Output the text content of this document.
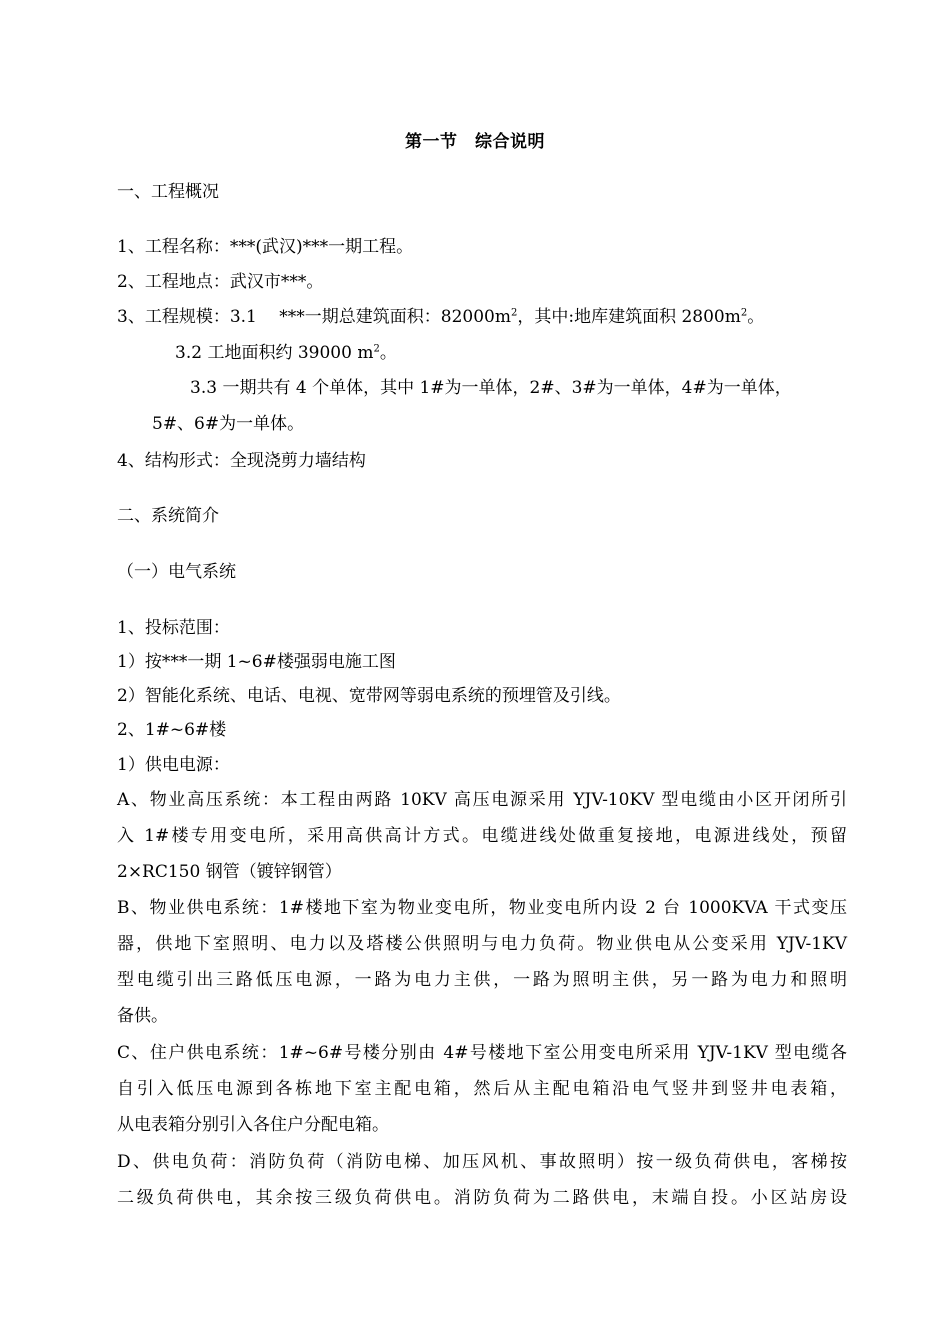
第一节　综合说明
一、工程概况
1、工程名称：***(武汉)***一期工程。
2、工程地点：武汉市***。
3、工程规模：3.1　 ***一期总建筑面积：$82000m^2$，其中:地库建筑面积 $2800m^2$。
3.2 工地面积约 39000 $m^2$。
3.3 一期共有 4 个单体，其中 1#为一单体，2#、3#为一单体，4#为一单体，
5#、6#为一单体。
4、结构形式：全现浇剪力墙结构
二、系统简介
（一）电气系统
1、投标范围：
1）按***一期 1~6#楼强弱电施工图
2）智能化系统、电话、电视、宽带网等弱电系统的预埋管及引线。
2、1#~6#楼
1）供电电源：
A、物业高压系统：本工程由两路 10KV 高压电源采用 YJV-10KV 型电缆由小区开闭所引
入 1#楼专用变电所，采用高供高计方式。电缆进线处做重复接地，电源进线处，预留
2×RC150 钢管（镀锌钢管）
B、物业供电系统：1#楼地下室为物业变电所，物业变电所内设 2 台 1000KVA 干式变压
器，供地下室照明、电力以及塔楼公供照明与电力负荷。物业供电从公变采用 YJV-1KV
型电缆引出三路低压电源，一路为电力主供，一路为照明主供，另一路为电力和照明
备供。
C、住户供电系统：1#~6#号楼分别由 4#号楼地下室公用变电所采用 YJV-1KV 型电缆各
自引入低压电源到各栋地下室主配电箱，然后从主配电箱沿电气竖井到竖井电表箱，
从电表箱分别引入各住户分配电箱。
D、供电负荷：消防负荷（消防电梯、加压风机、事故照明）按一级负荷供电，客梯按
二级负荷供电，其余按三级负荷供电。消防负荷为二路供电，末端自投。小区站房设
